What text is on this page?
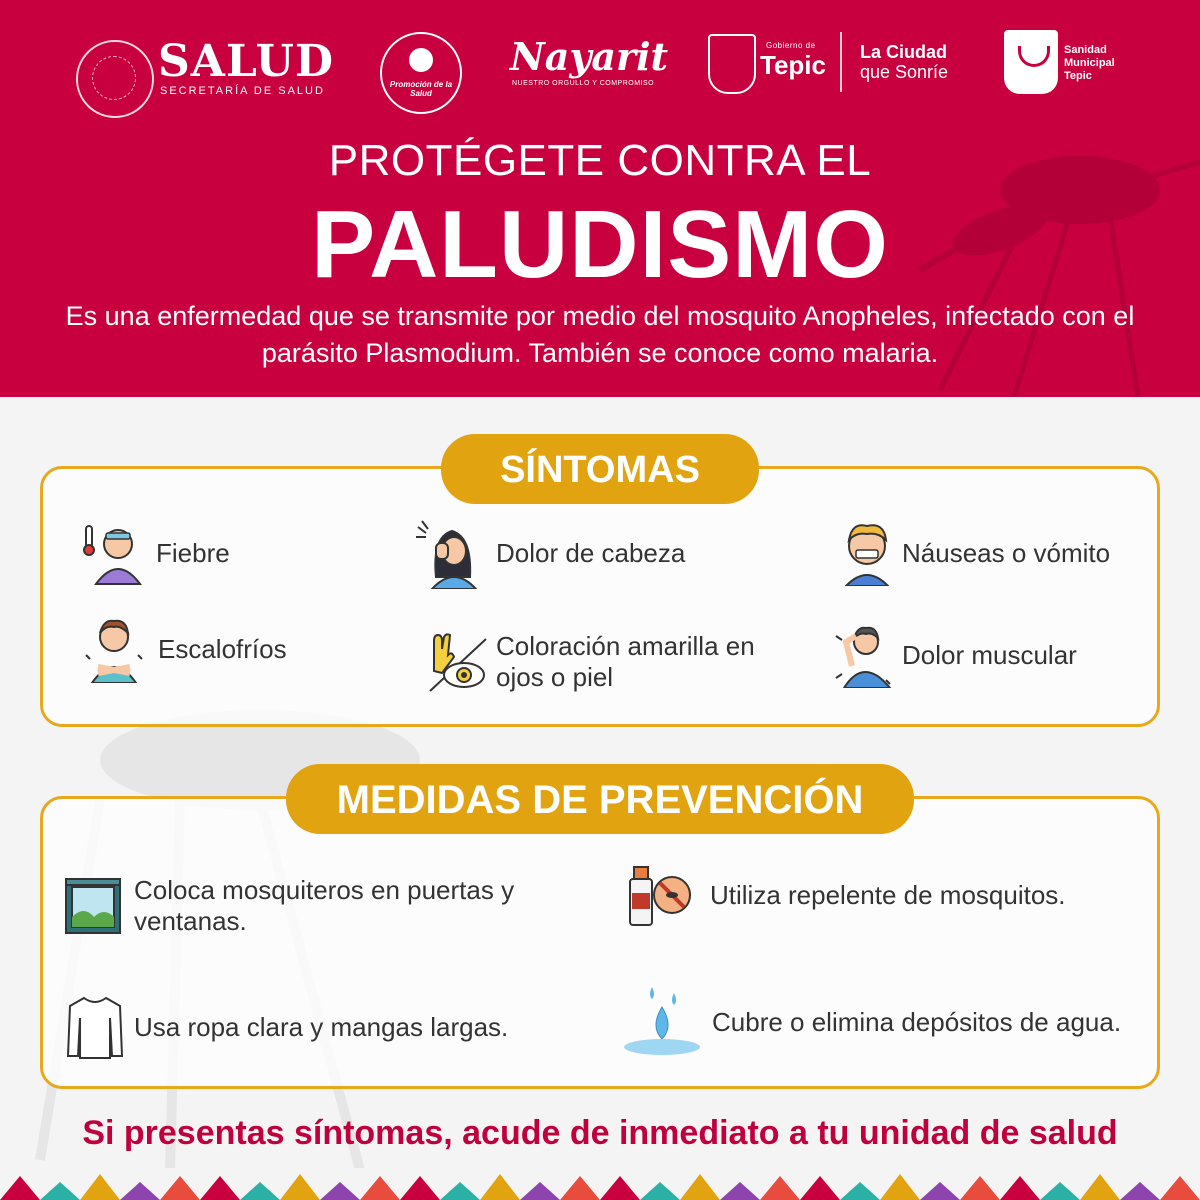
SALUD
SECRETARÍA DE SALUD
Promoción de la Salud
Nayarit
NUESTRO ORGULLO Y COMPROMISO
Gobierno de
Tepic La Ciudad
que Sonríe
Sanidad
Municipal
Tepic
PROTÉGETE CONTRA EL
PALUDISMO
Es una enfermedad que se transmite por medio del mosquito Anopheles, infectado con el parásito Plasmodium. También se conoce como malaria.
SÍNTOMAS
Fiebre	Dolor de cabeza	Náuseas o vómito
Escalofríos	Coloración amarilla en ojos o piel
Dolor muscular
MEDIDAS DE PREVENCIÓN
Coloca mosquiteros en puertas y ventanas.
Utiliza repelente de mosquitos.
Usa ropa clara y mangas largas.	Cubre o elimina depósitos de agua.
Si presentas síntomas, acude de inmediato a tu unidad de salud
